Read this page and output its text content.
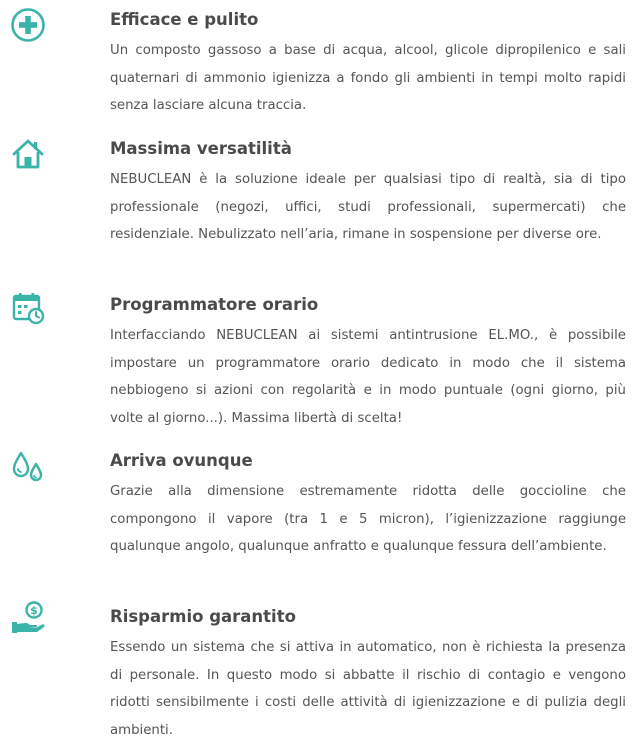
Efficace e pulito

Un composto gassoso a base di acqua, alcool, glicole dipropilenico e sali quaternari di ammonio igienizza a fondo gli ambienti in tempi molto rapidi senza lasciare alcuna traccia.

Massima versatilità

NEBUCLEAN è la soluzione ideale per qualsiasi tipo di realtà, sia di tipo professionale (negozi, uffici, studi professionali, supermercati) che residenziale. Nebulizzato nell’aria, rimane in sospensione per diverse ore.

Programmatore orario

Interfacciando NEBUCLEAN ai sistemi antintrusione EL.MO., è possibile impostare un programmatore orario dedicato in modo che il sistema nebbiogeno si azioni con regolarità e in modo puntuale (ogni giorno, più volte al giorno...). Massima libertà di scelta!

Arriva ovunque

Grazie alla dimensione estremamente ridotta delle goccioline che compongono il vapore (tra 1 e 5 micron), l’igienizzazione raggiunge qualunque angolo, qualunque anfratto e qualunque fessura dell’ambiente.

$	Risparmio garantito

Essendo un sistema che si attiva in automatico, non è richiesta la presenza di personale. In questo modo si abbatte il rischio di contagio e vengono ridotti sensibilmente i costi delle attività di igienizzazione e di pulizia degli ambienti.
